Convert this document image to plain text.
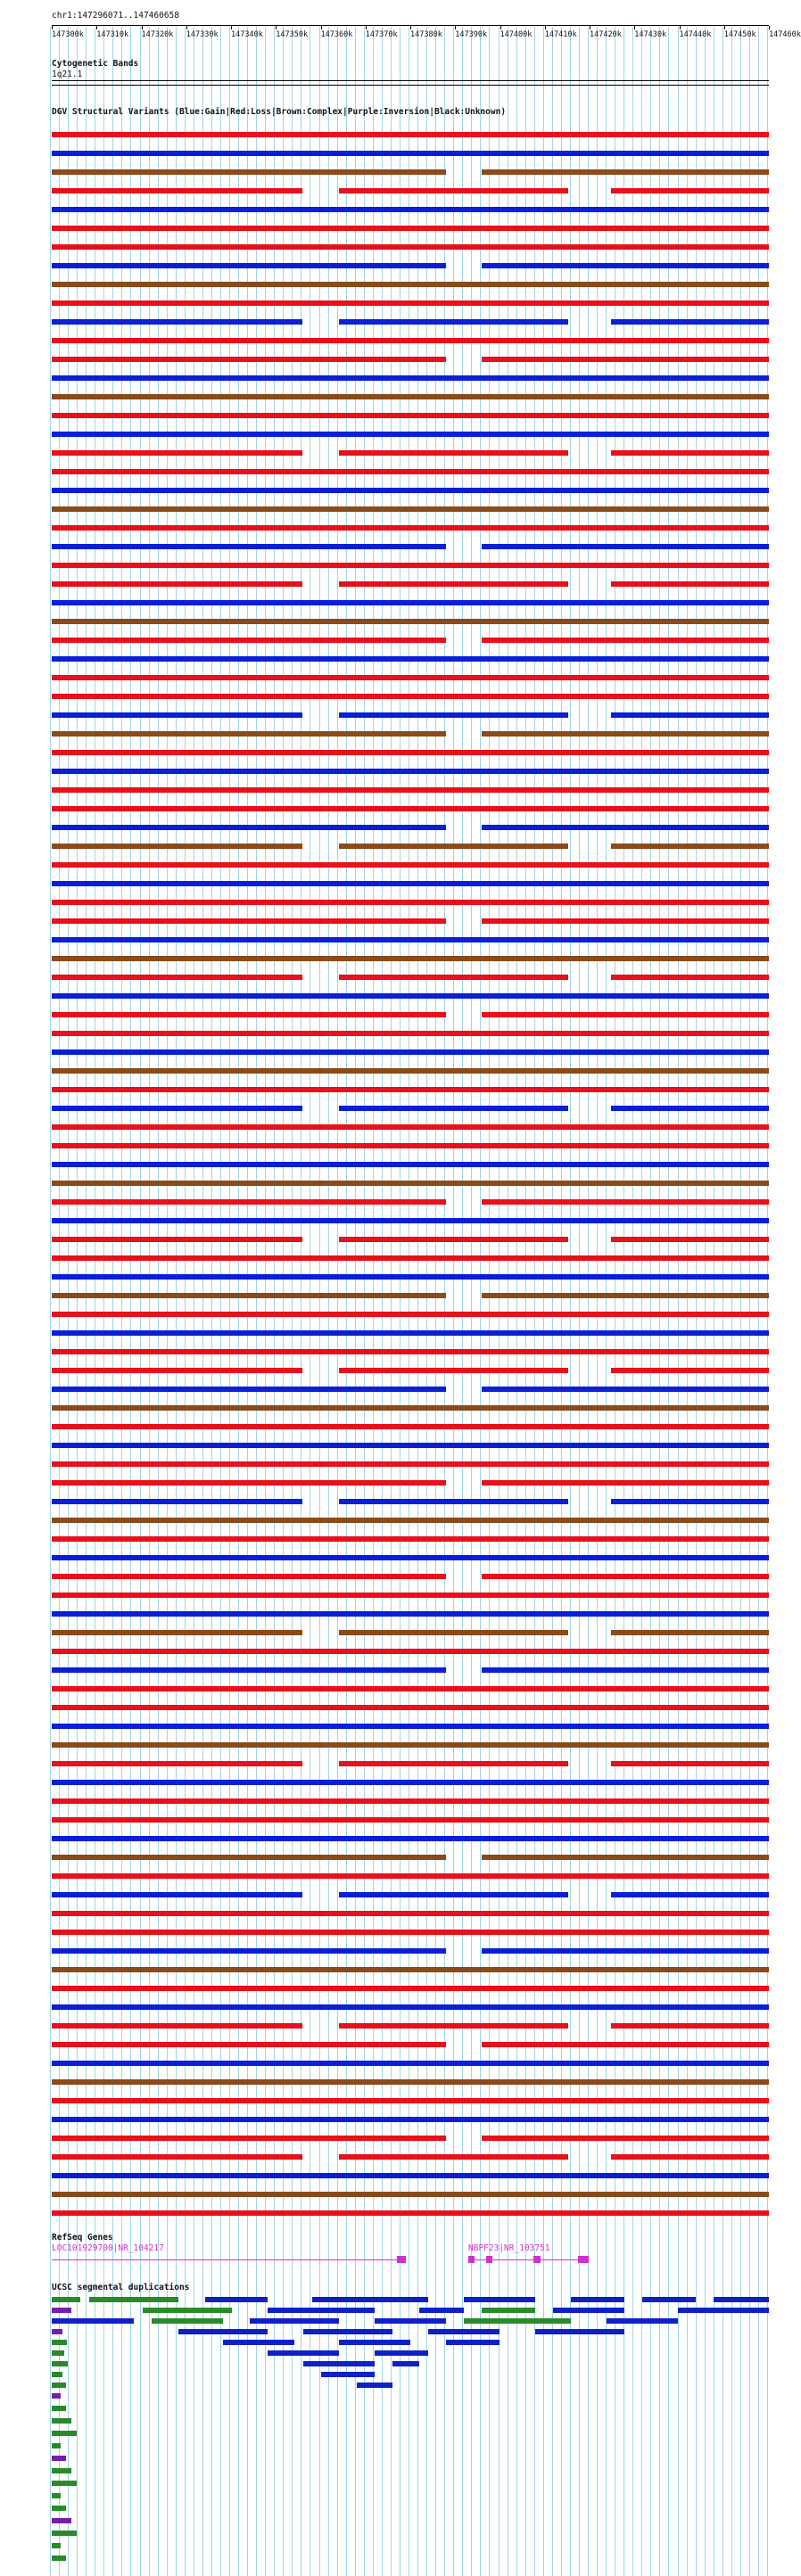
chr1:147296071..147460658
147300k 147310k 147320k 147330k 147340k 147350k 147360k 147370k 147380k 147390k 147400k 147410k 147420k 147430k 147440k 147450k 147460k
Cytogenetic Bands
1q21.1
DGV Structural Variants (Blue:Gain|Red:Loss|Brown:Complex|Purple:Inversion|Black:Unknown)
RefSeq Genes
LOC101929700|NR_104217	NBPF23|NR_103751
UCSC segmental duplications
